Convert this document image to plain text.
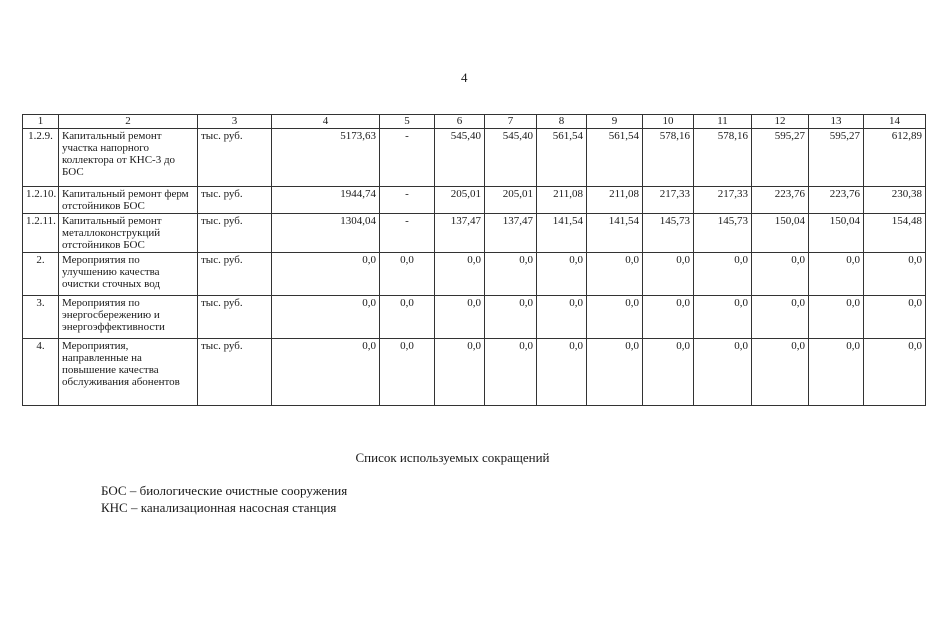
4
1	2	3	4	5	6	7	8	9	10	11	12	13	14
1.2.9.	Капитальный ремонт участка напорного коллектора от КНС-3 до БОС	тыс. руб.	5173,63	-	545,40	545,40	561,54	561,54	578,16	578,16	595,27	595,27	612,89
1.2.10.	Капитальный ремонт ферм отстойников БОС	тыс. руб.	1944,74	-	205,01	205,01	211,08	211,08	217,33	217,33	223,76	223,76	230,38
1.2.11.	Капитальный ремонт металлоконструкций отстойников БОС	тыс. руб.	1304,04	-	137,47	137,47	141,54	141,54	145,73	145,73	150,04	150,04	154,48
2.	Мероприятия по улучшению качества очистки сточных вод	тыс. руб.	0,0	0,0	0,0	0,0	0,0	0,0	0,0	0,0	0,0	0,0	0,0
3.	Мероприятия по энергосбережению и энергоэффективности	тыс. руб.	0,0	0,0	0,0	0,0	0,0	0,0	0,0	0,0	0,0	0,0	0,0
4.	Мероприятия, направленные на повышение качества обслуживания абонентов	тыс. руб.	0,0	0,0	0,0	0,0	0,0	0,0	0,0	0,0	0,0	0,0	0,0
Список используемых сокращений
БОС – биологические очистные сооружения
КНС – канализационная насосная станция
